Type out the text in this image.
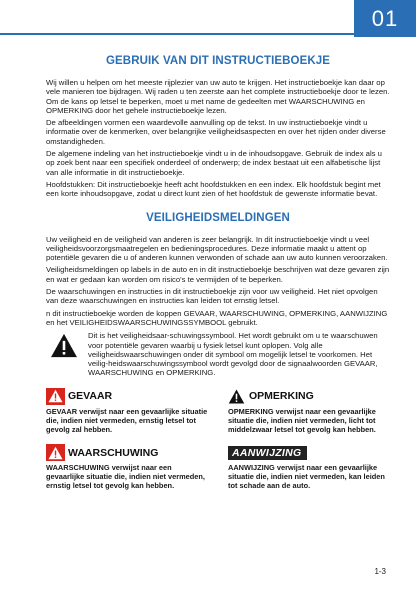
01
GEBRUIK VAN DIT INSTRUCTIEBOEKJE

Wij willen u helpen om het meeste rijplezier van uw auto te krijgen. Het instructieboekje kan daar op vele manieren toe bijdragen. Wij raden u ten zeerste aan het complete instructieboekje door te lezen. Om de kans op letsel te beperken, moet u met name de gedeelten met WAARSCHUWING en OPMERKING door het gehele instructieboekje lezen.

De afbeeldingen vormen een waardevolle aanvulling op de tekst. In uw instructieboekje vindt u informatie over de kenmerken, over belangrijke veiligheidsaspecten en over het rijden onder diverse omstandigheden.

De algemene indeling van het instructieboekje vindt u in de inhoudsopgave. Gebruik de index als u op zoek bent naar een specifiek onderdeel of onderwerp; de index bestaat uit een alfabetische lijst van alle informatie in dit instructieboekje.

Hoofdstukken: Dit instructieboekje heeft acht hoofdstukken en een index. Elk hoofdstuk begint met een korte inhoudsopgave, zodat u direct kunt zien of het hoofdstuk de gewenste informatie bevat.

VEILIGHEIDSMELDINGEN

Uw veiligheid en de veiligheid van anderen is zeer belangrijk. In dit instructieboekje vindt u veel veiligheidsvoorzorgsmaatregelen en bedieningsprocedures. Deze informatie maakt u attent op potentiële gevaren die u of anderen kunnen verwonden of schade aan uw auto kunnen veroorzaken.

Veiligheidsmeldingen op labels in de auto en in dit instructieboekje beschrijven wat deze gevaren zijn en wat er gedaan kan worden om risico's te vermijden of te beperken.

De waarschuwingen en instructies in dit instructieboekje zijn voor uw veiligheid. Het niet opvolgen van deze waarschuwingen en instructies kan leiden tot ernstig letsel.

n dit instructieboekje worden de koppen GEVAAR, WAARSCHUWING, OPMERKING, AANWIJZING en het VEILIGHEIDSWAARSCHUWINGSSYMBOOL gebruikt.

Dit is het veiligheidsaar-schuwingssymbool. Het wordt gebruikt om u te waarschuwen voor potentiële gevaren waarbij u fysiek letsel kunt oplopen. Volg alle veiligheidswaarschuwingen onder dit symbool om mogelijk letsel te voorkomen. Het veilig-heidswaarschuwingssymbool wordt gevolgd door de signaalwoorden GEVAAR, WAARSCHUWING en OPMERKING.

GEVAAR
GEVAAR verwijst naar een gevaarlijke situatie die, indien niet vermeden, ernstig letsel tot gevolg zal hebben.
WAARSCHUWING
WAARSCHUWING verwijst naar een gevaarlijke situatie die, indien niet vermeden, ernstig letsel tot gevolg kan hebben.
OPMERKING
OPMERKING verwijst naar een gevaarlijke situatie die, indien niet vermeden, licht tot middelzwaar letsel tot gevolg kan hebben.
AANWIJZING
AANWIJZING verwijst naar een gevaarlijke situatie die, indien niet vermeden, kan leiden tot schade aan de auto.
1-3
